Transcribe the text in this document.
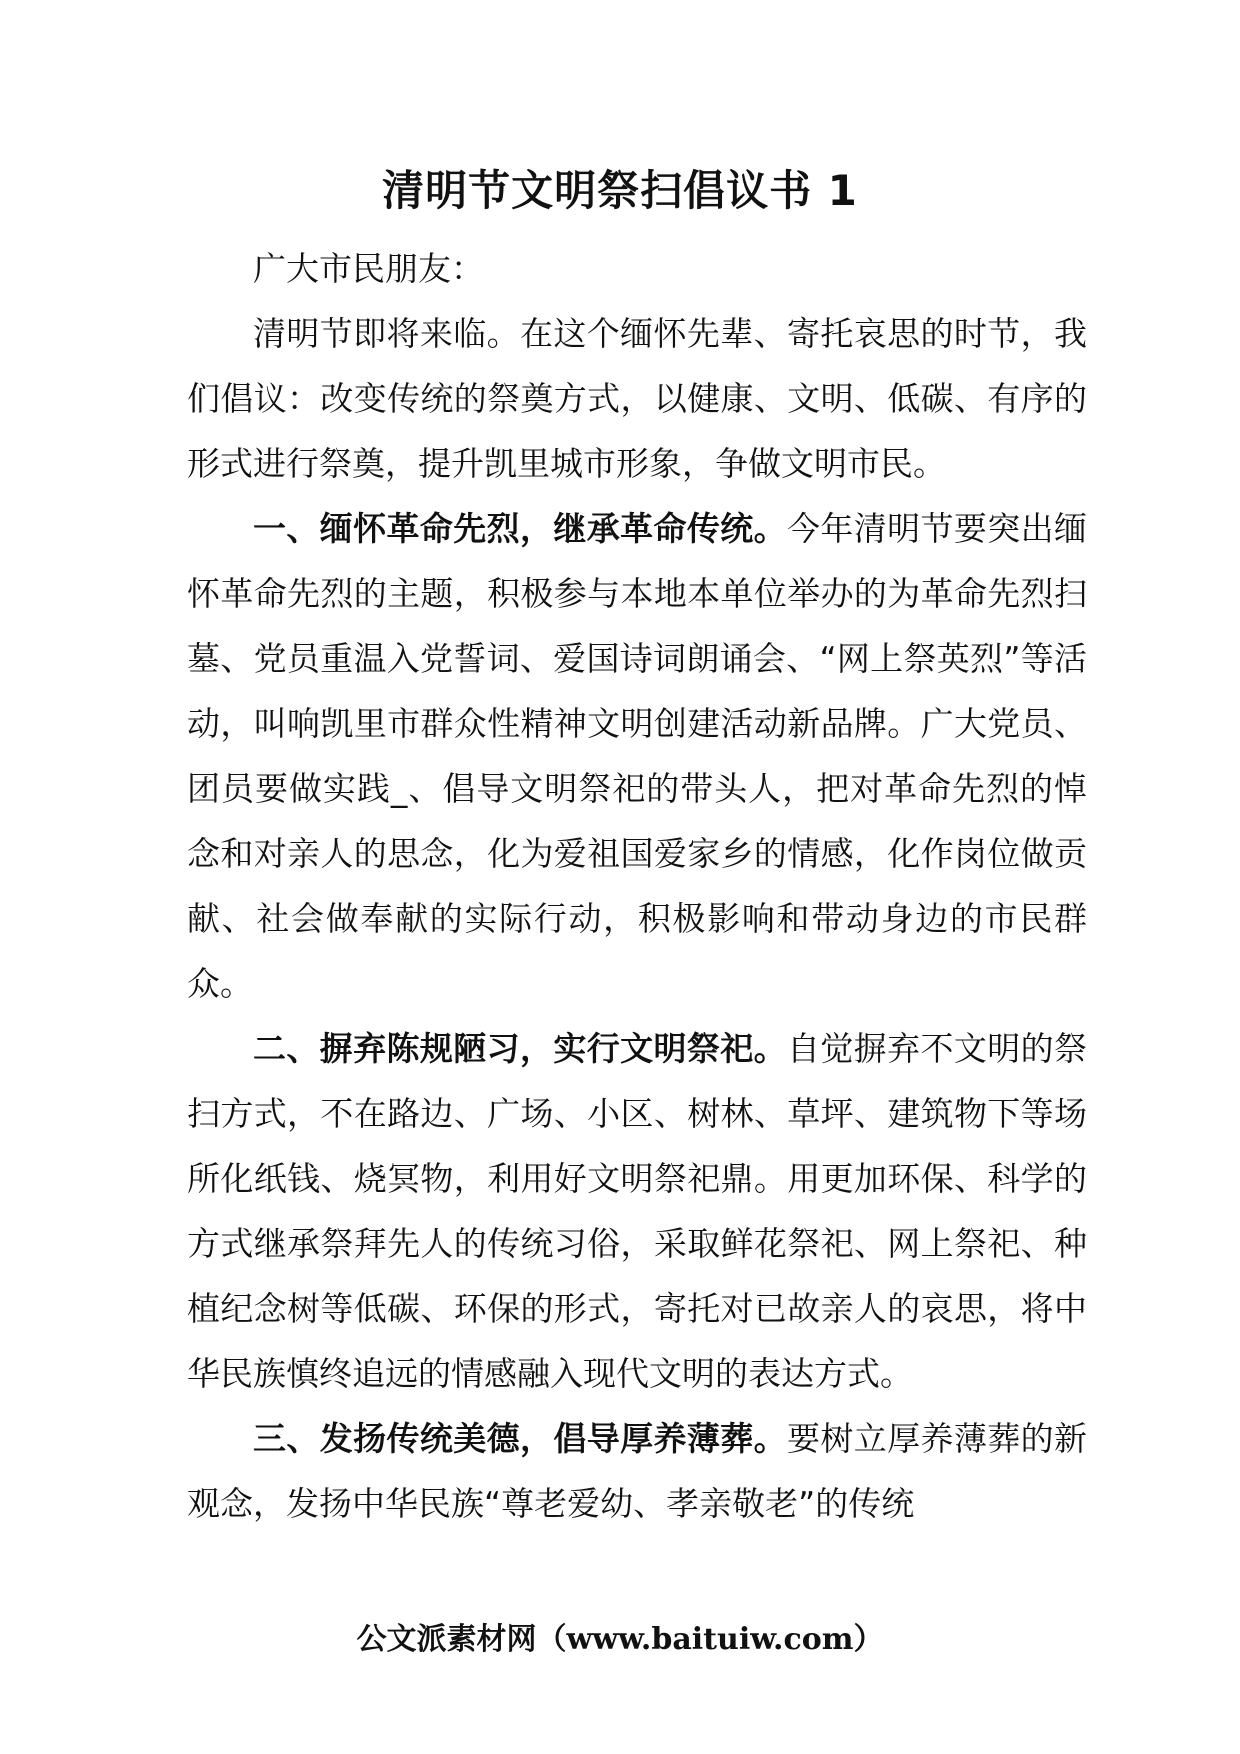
清明节文明祭扫倡议书 1

广大市民朋友：

清明节即将来临。在这个缅怀先辈、寄托哀思的时节，我们倡议：改变传统的祭奠方式，以健康、文明、低碳、有序的形式进行祭奠，提升凯里城市形象，争做文明市民。

一、缅怀革命先烈，继承革命传统。今年清明节要突出缅怀革命先烈的主题，积极参与本地本单位举办的为革命先烈扫墓、党员重温入党誓词、爱国诗词朗诵会、“网上祭英烈”等活动，叫响凯里市群众性精神文明创建活动新品牌。广大党员、团员要做实践_、倡导文明祭祀的带头人，把对革命先烈的悼念和对亲人的思念，化为爱祖国爱家乡的情感，化作岗位做贡献、社会做奉献的实际行动，积极影响和带动身边的市民群众。

二、摒弃陈规陋习，实行文明祭祀。自觉摒弃不文明的祭扫方式，不在路边、广场、小区、树林、草坪、建筑物下等场所化纸钱、烧冥物，利用好文明祭祀鼎。用更加环保、科学的方式继承祭拜先人的传统习俗，采取鲜花祭祀、网上祭祀、种植纪念树等低碳、环保的形式，寄托对已故亲人的哀思，将中华民族慎终追远的情感融入现代文明的表达方式。

三、发扬传统美德，倡导厚养薄葬。要树立厚养薄葬的新观念，发扬中华民族“尊老爱幼、孝亲敬老”的传统

公文派素材网（www.baituiw.com）
